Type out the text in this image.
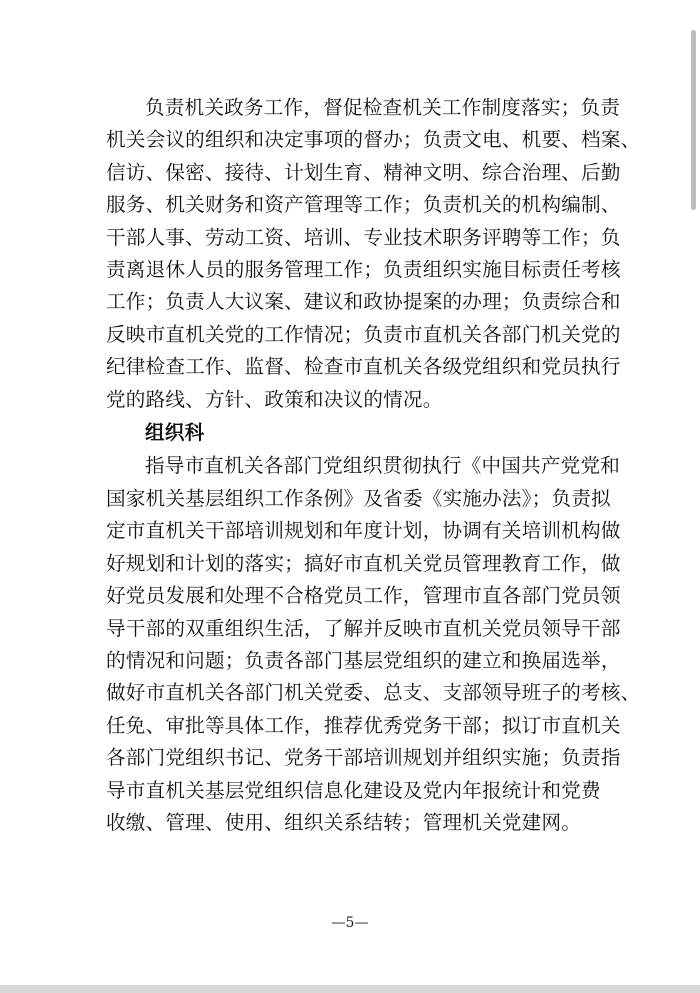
负责机关政务工作，督促检查机关工作制度落实；负责
机关会议的组织和决定事项的督办；负责文电、机要、档案、
信访、保密、接待、计划生育、精神文明、综合治理、后勤
服务、机关财务和资产管理等工作；负责机关的机构编制、
干部人事、劳动工资、培训、专业技术职务评聘等工作；负
责离退休人员的服务管理工作；负责组织实施目标责任考核
工作；负责人大议案、建议和政协提案的办理；负责综合和
反映市直机关党的工作情况；负责市直机关各部门机关党的
纪律检查工作、监督、检查市直机关各级党组织和党员执行
党的路线、方针、政策和决议的情况。
组织科
指导市直机关各部门党组织贯彻执行《中国共产党党和
国家机关基层组织工作条例》及省委《实施办法》；负责拟
定市直机关干部培训规划和年度计划，协调有关培训机构做
好规划和计划的落实；搞好市直机关党员管理教育工作，做
好党员发展和处理不合格党员工作，管理市直各部门党员领
导干部的双重组织生活，了解并反映市直机关党员领导干部
的情况和问题；负责各部门基层党组织的建立和换届选举，
做好市直机关各部门机关党委、总支、支部领导班子的考核、
任免、审批等具体工作，推荐优秀党务干部；拟订市直机关
各部门党组织书记、党务干部培训规划并组织实施；负责指
导市直机关基层党组织信息化建设及党内年报统计和党费
收缴、管理、使用、组织关系结转；管理机关党建网。
—5—
